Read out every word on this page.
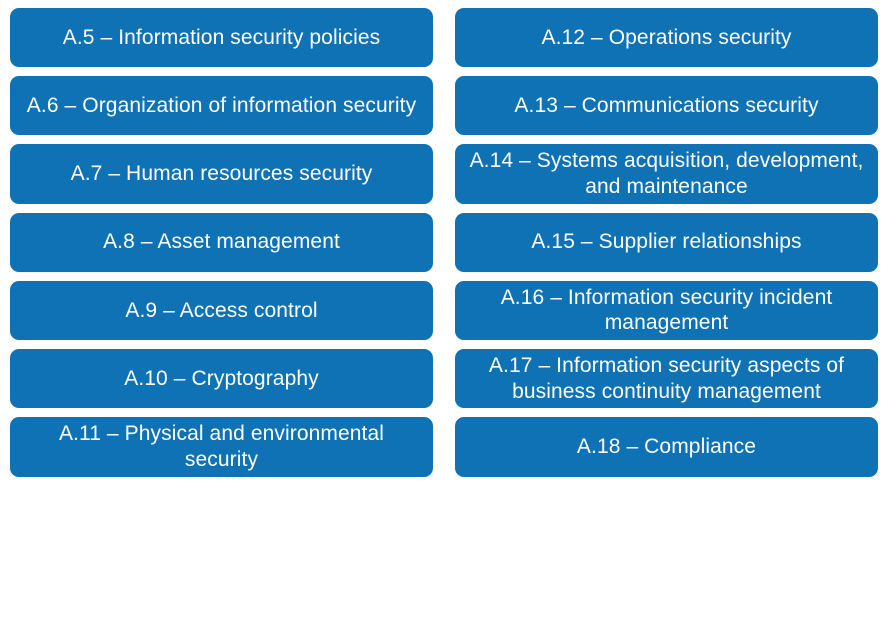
A.5 – Information security policies
A.6 – Organization of information security
A.7 – Human resources security
A.8 – Asset management
A.9 – Access control
A.10 – Cryptography
A.11 – Physical and environmental security
A.12 – Operations security
A.13 – Communications security
A.14 – Systems acquisition, development, and maintenance
A.15 – Supplier relationships
A.16 – Information security incident management
A.17 – Information security aspects of business continuity management
A.18 – Compliance
